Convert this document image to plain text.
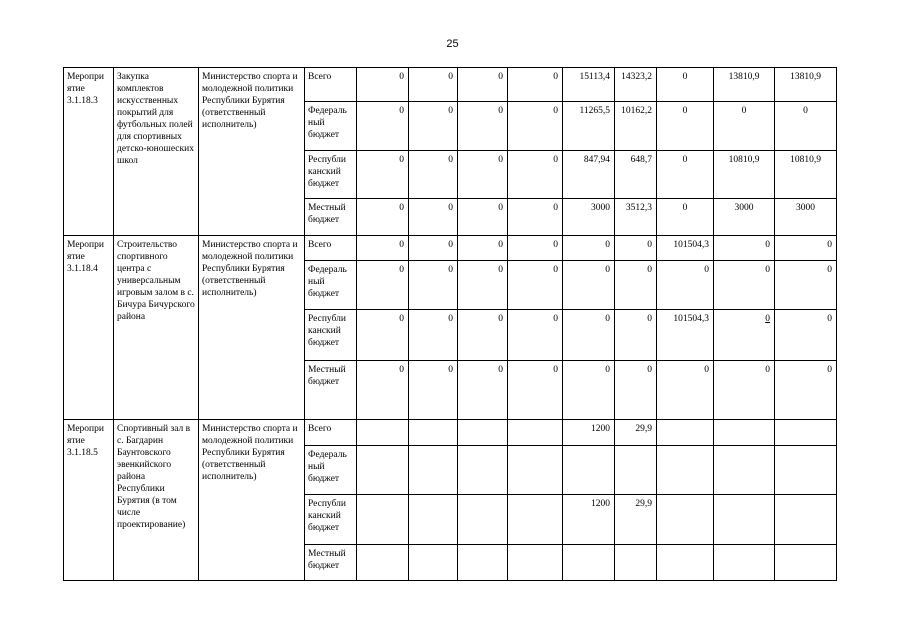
25
Меропри ятие 3.1.18.3	Закупка комплектов искусственных покрытий для футбольных полей для спортивных детско-юношеских школ	Министерство спорта и молодежной политики Республики Бурятия (ответственный исполнитель)	Всего	0	0	0	0	15113,4	14323,2	0	13810,9	13810,9
			Федераль ный бюджет	0	0	0	0	11265,5	10162,2	0	0	0
			Республи канский бюджет	0	0	0	0	847,94	648,7	0	10810,9	10810,9
			Местный бюджет	0	0	0	0	3000	3512,3	0	3000	3000
Меропри ятие 3.1.18.4	Строительство спортивного центра с универсальным игровым залом в с. Бичура Бичурского района	Министерство спорта и молодежной политики Республики Бурятия (ответственный исполнитель)	Всего	0	0	0	0	0	0	101504,3	0	0
			Федераль ный бюджет	0	0	0	0	0	0	0	0	0
			Республи канский бюджет	0	0	0	0	0	0	101504,3	0	0
			Местный бюджет	0	0	0	0	0	0	0	0	0
Меропри ятие 3.1.18.5	Спортивный зал в с. Багдарин Баунтовского эвенкийского района Республики Бурятия (в том числе проектирование)	Министерство спорта и молодежной политики Республики Бурятия (ответственный исполнитель)	Всего					1200	29,9			
			Федераль ный бюджет									
			Республи канский бюджет					1200	29,9			
			Местный бюджет									
